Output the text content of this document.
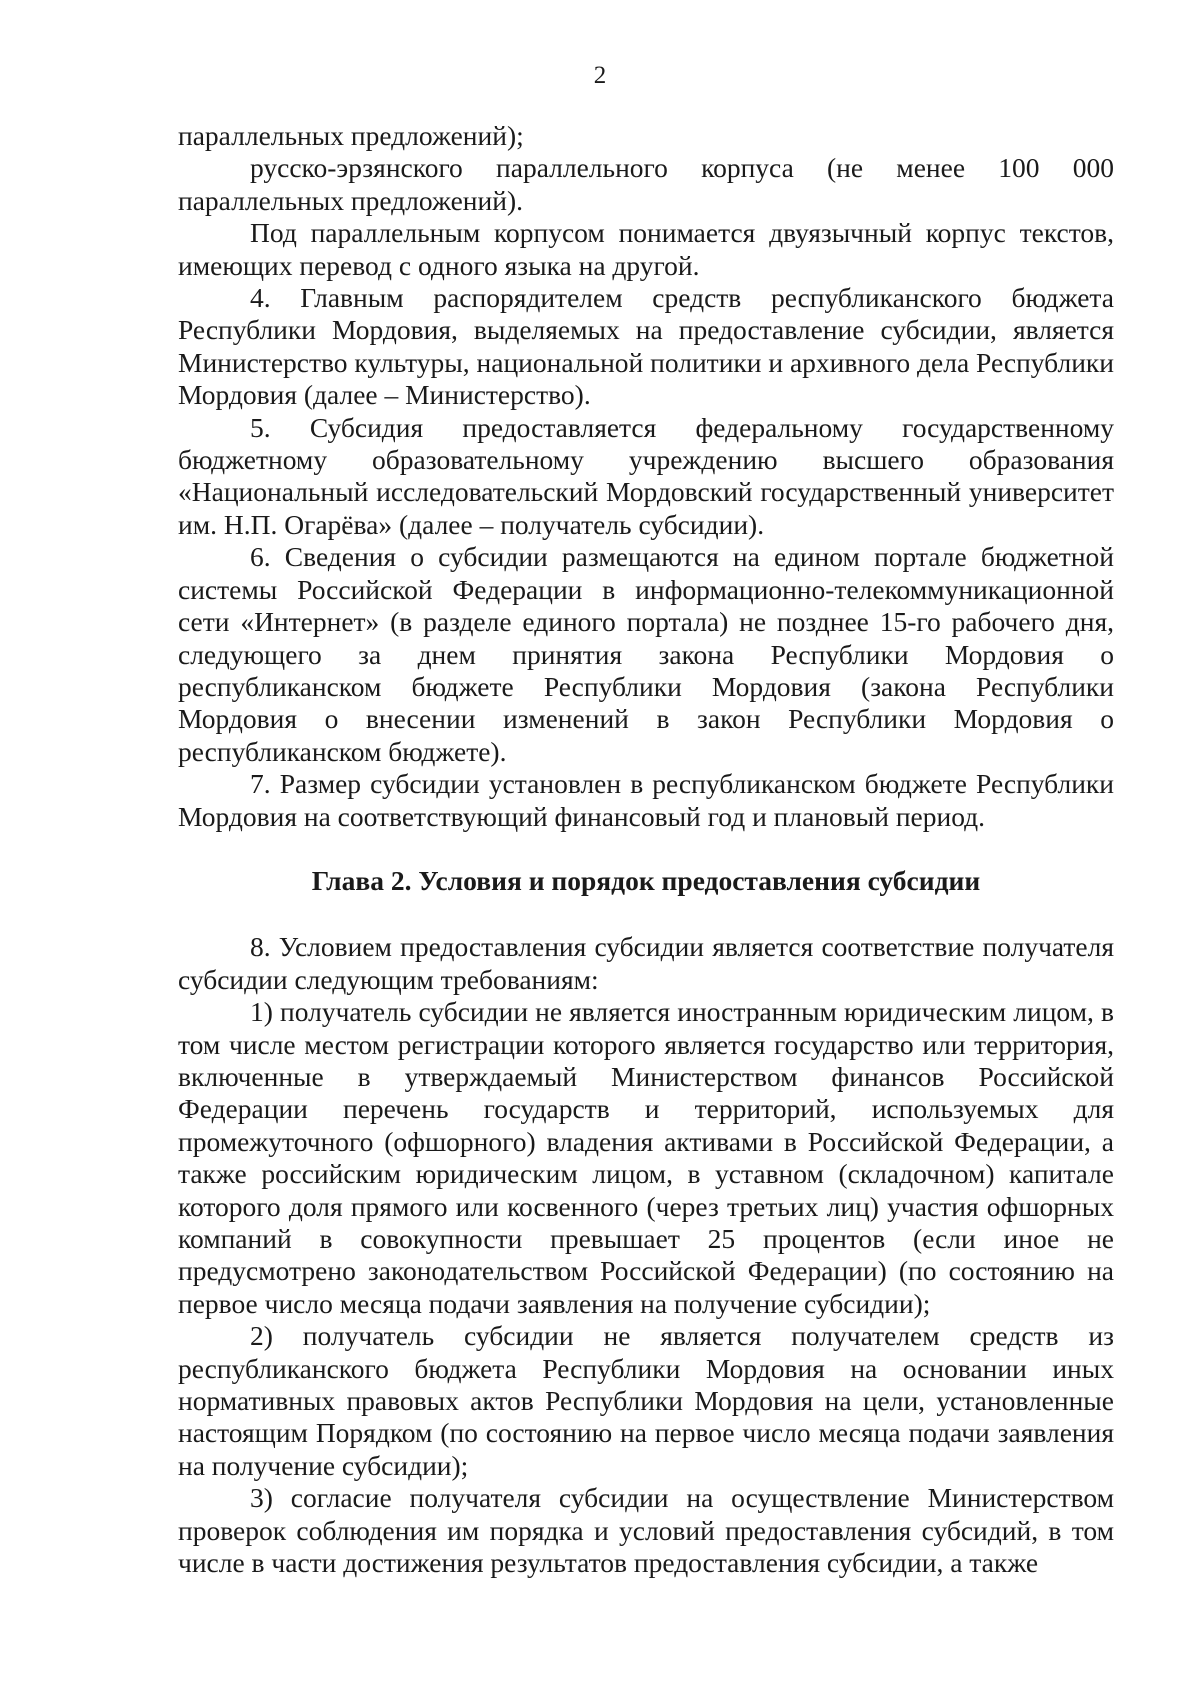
2

параллельных предложений);

русско-эрзянского параллельного корпуса (не менее 100 000 параллельных предложений).

Под параллельным корпусом понимается двуязычный корпус текстов, имеющих перевод с одного языка на другой.

4. Главным распорядителем средств республиканского бюджета Республики Мордовия, выделяемых на предоставление субсидии, является Министерство культуры, национальной политики и архивного дела Республики Мордовия (далее – Министерство).

5. Субсидия предоставляется федеральному государственному бюджетному образовательному учреждению высшего образования «Национальный исследовательский Мордовский государственный университет им. Н.П. Огарёва» (далее – получатель субсидии).

6. Сведения о субсидии размещаются на едином портале бюджетной системы Российской Федерации в информационно-телекоммуникационной сети «Интернет» (в разделе единого портала) не позднее 15-го рабочего дня, следующего за днем принятия закона Республики Мордовия о республиканском бюджете Республики Мордовия (закона Республики Мордовия о внесении изменений в закон Республики Мордовия о республиканском бюджете).

7. Размер субсидии установлен в республиканском бюджете Республики Мордовия на соответствующий финансовый год и плановый период.

Глава 2. Условия и порядок предоставления субсидии

8. Условием предоставления субсидии является соответствие получателя субсидии следующим требованиям:

1) получатель субсидии не является иностранным юридическим лицом, в том числе местом регистрации которого является государство или территория, включенные в утверждаемый Министерством финансов Российской Федерации перечень государств и территорий, используемых для промежуточного (офшорного) владения активами в Российской Федерации, а также российским юридическим лицом, в уставном (складочном) капитале которого доля прямого или косвенного (через третьих лиц) участия офшорных компаний в совокупности превышает 25 процентов (если иное не предусмотрено законодательством Российской Федерации) (по состоянию на первое число месяца подачи заявления на получение субсидии);

2) получатель субсидии не является получателем средств из республиканского бюджета Республики Мордовия на основании иных нормативных правовых актов Республики Мордовия на цели, установленные настоящим Порядком (по состоянию на первое число месяца подачи заявления на получение субсидии);

3) согласие получателя субсидии на осуществление Министерством проверок соблюдения им порядка и условий предоставления субсидий, в том числе в части достижения результатов предоставления субсидии, а также
